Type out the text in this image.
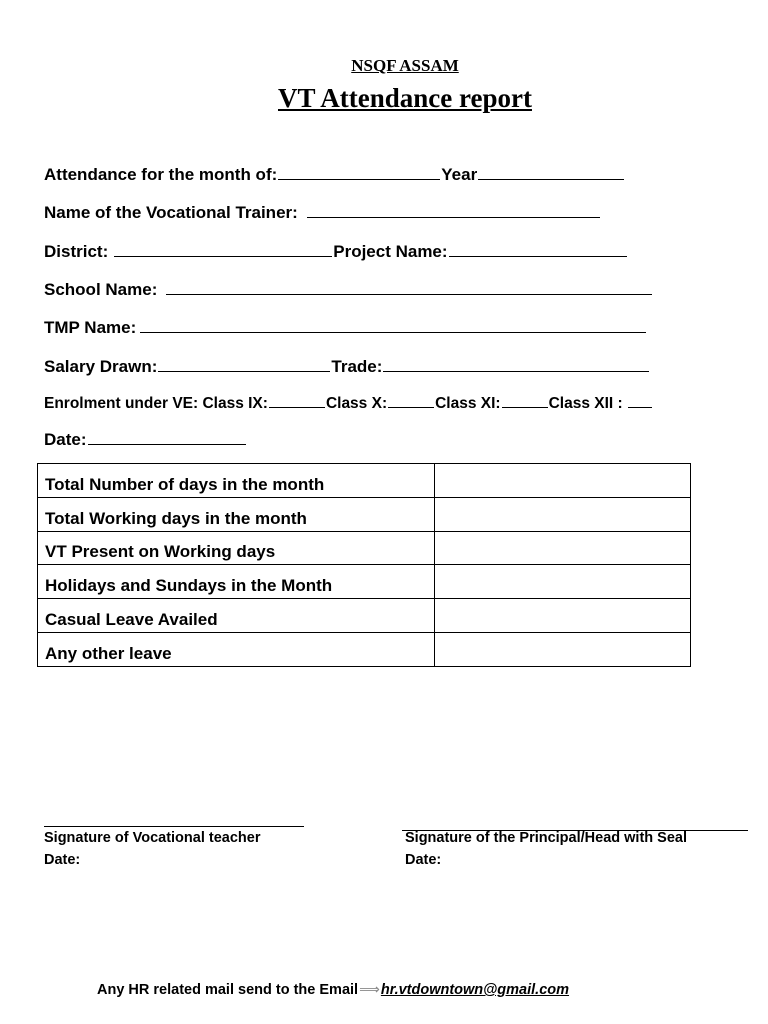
NSQF ASSAM
VT Attendance report
Attendance for the month of:	Year
Name of the Vocational Trainer:
District:	Project Name:
School Name:
TMP Name:
Salary Drawn:	Trade:
Enrolment under VE: Class IX:	Class X:	Class XI:	Class XII :
Date:
Total Number of days in the month	
Total Working days in the month	
VT Present on Working days	
Holidays and Sundays in the Month	
Casual Leave Availed	
Any other leave	
Signature of Vocational teacher
Date:
Signature of the Principal/Head with Seal
Date:
Any HR related mail send to the Email⟹hr.vtdowntown@gmail.com
